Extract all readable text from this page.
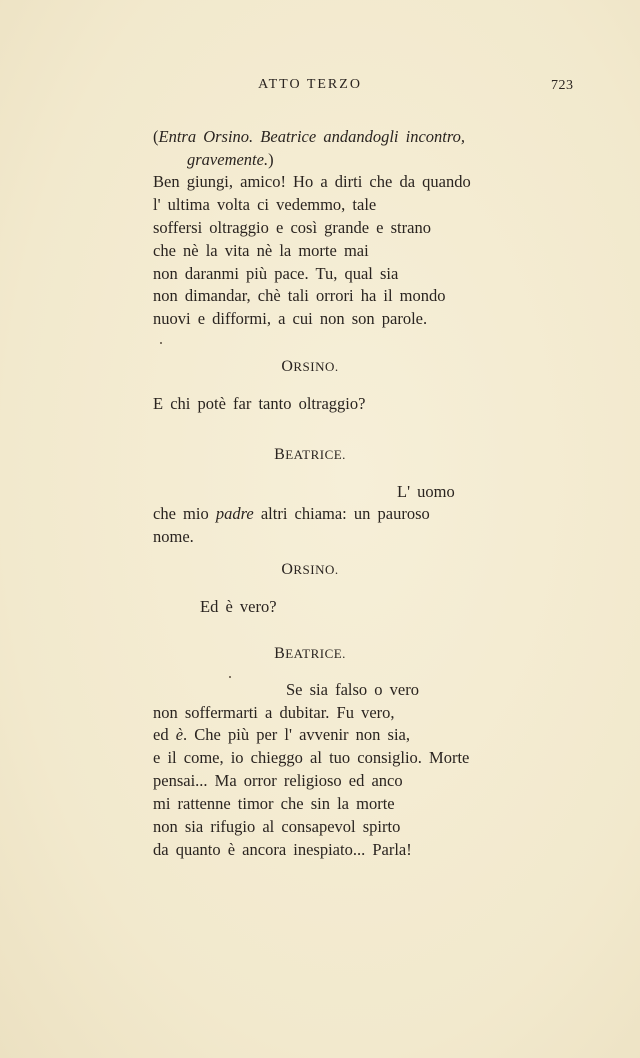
ATTO TERZO	723
(Entra Orsino. Beatrice andandogli incontro,
gravemente.)
Ben giungi, amico! Ho a dirti che da quando
l' ultima volta ci vedemmo, tale
soffersi oltraggio e così grande e strano
che nè la vita nè la morte mai
non daranmi più pace. Tu, qual sia
non dimandar, chè tali orrori ha il mondo
nuovi e difformi, a cui non son parole.
ORSINO.
E chi potè far tanto oltraggio?
BEATRICE.
L' uomo
che mio padre altri chiama: un pauroso
nome.
ORSINO.
Ed è vero?
BEATRICE.
Se sia falso o vero
non soffermarti a dubitar. Fu vero,
ed è. Che più per l' avvenir non sia,
e il come, io chieggo al tuo consiglio. Morte
pensai... Ma orror religioso ed anco
mi rattenne timor che sin la morte
non sia rifugio al consapevol spirto
da quanto è ancora inespiato... Parla!
